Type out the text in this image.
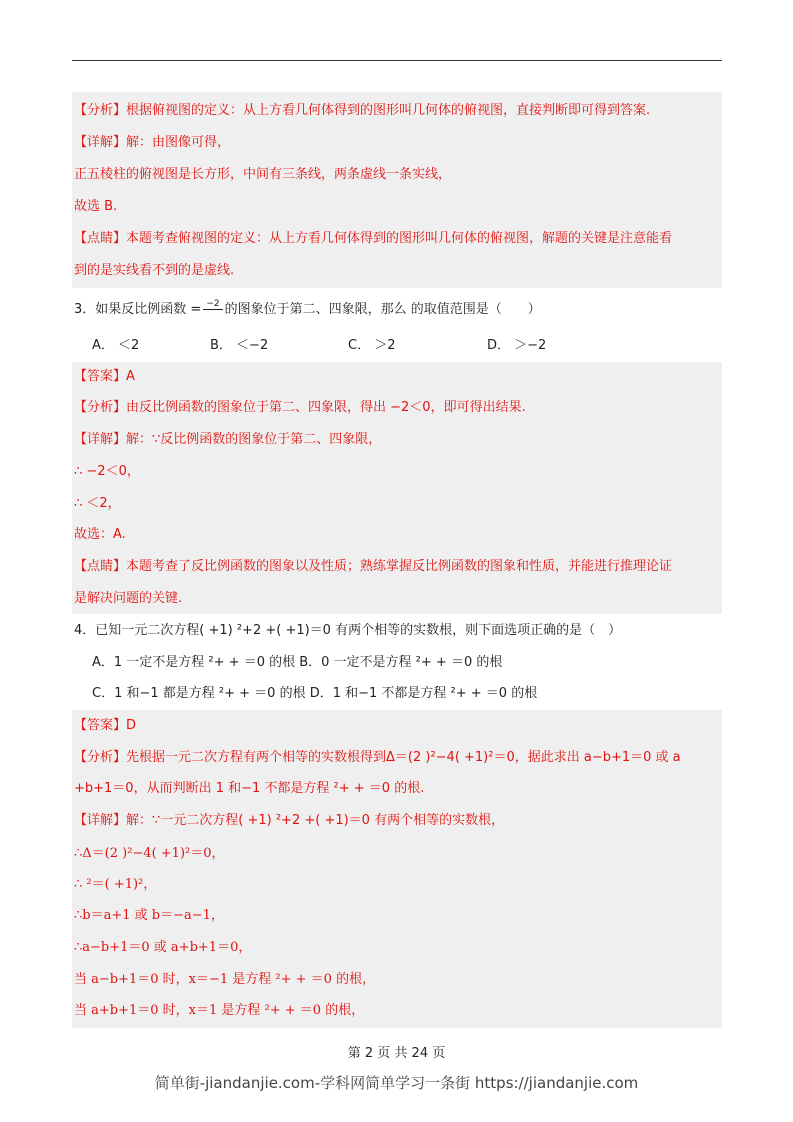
【分析】根据俯视图的定义：从上方看几何体得到的图形叫几何体的俯视图，直接判断即可得到答案.
【详解】解：由图像可得，
正五棱柱的俯视图是长方形，中间有三条线，两条虚线一条实线，
故选 B.
【点睛】本题考查俯视图的定义：从上方看几何体得到的图形叫几何体的俯视图，解题的关键是注意能看
到的是实线看不到的是虚线.
3．如果反比例函数 = −2 的图象位于第二、四象限，那么 的取值范围是（　　）
A． ＜2	B． ＜−2	C． ＞2	D． ＞−2
【答案】A
【分析】由反比例函数的图象位于第二、四象限，得出 −2＜0，即可得出结果.
【详解】解：∵反比例函数的图象位于第二、四象限，
∴ −2＜0，
∴ ＜2，
故选：A.
【点睛】本题考查了反比例函数的图象以及性质；熟练掌握反比例函数的图象和性质，并能进行推理论证
是解决问题的关键.
4．已知一元二次方程( +1) ²+2 +( +1)＝0 有两个相等的实数根，则下面选项正确的是（　）
A．1 一定不是方程 ²+ + ＝0 的根 B．0 一定不是方程 ²+ + ＝0 的根
C．1 和−1 都是方程 ²+ + ＝0 的根 D．1 和−1 不都是方程 ²+ + ＝0 的根
【答案】D
【分析】先根据一元二次方程有两个相等的实数根得到Δ＝(2 )²−4( +1)²＝0，据此求出 a−b+1＝0 或 a
+b+1＝0，从而判断出 1 和−1 不都是方程 ²+ + ＝0 的根.
【详解】解：∵一元二次方程( +1) ²+2 +( +1)＝0 有两个相等的实数根，
∴Δ＝(2 )²−4( +1)²＝0，
∴ ²＝( +1)²，
∴b＝a+1 或 b＝−a−1，
∴a−b+1＝0 或 a+b+1＝0，
当 a−b+1＝0 时，x＝−1 是方程 ²+ + ＝0 的根，
当 a+b+1＝0 时，x＝1 是方程 ²+ + ＝0 的根，
第 2 页 共 24 页
简单街-jiandanjie.com-学科网简单学习一条街 https://jiandanjie.com
